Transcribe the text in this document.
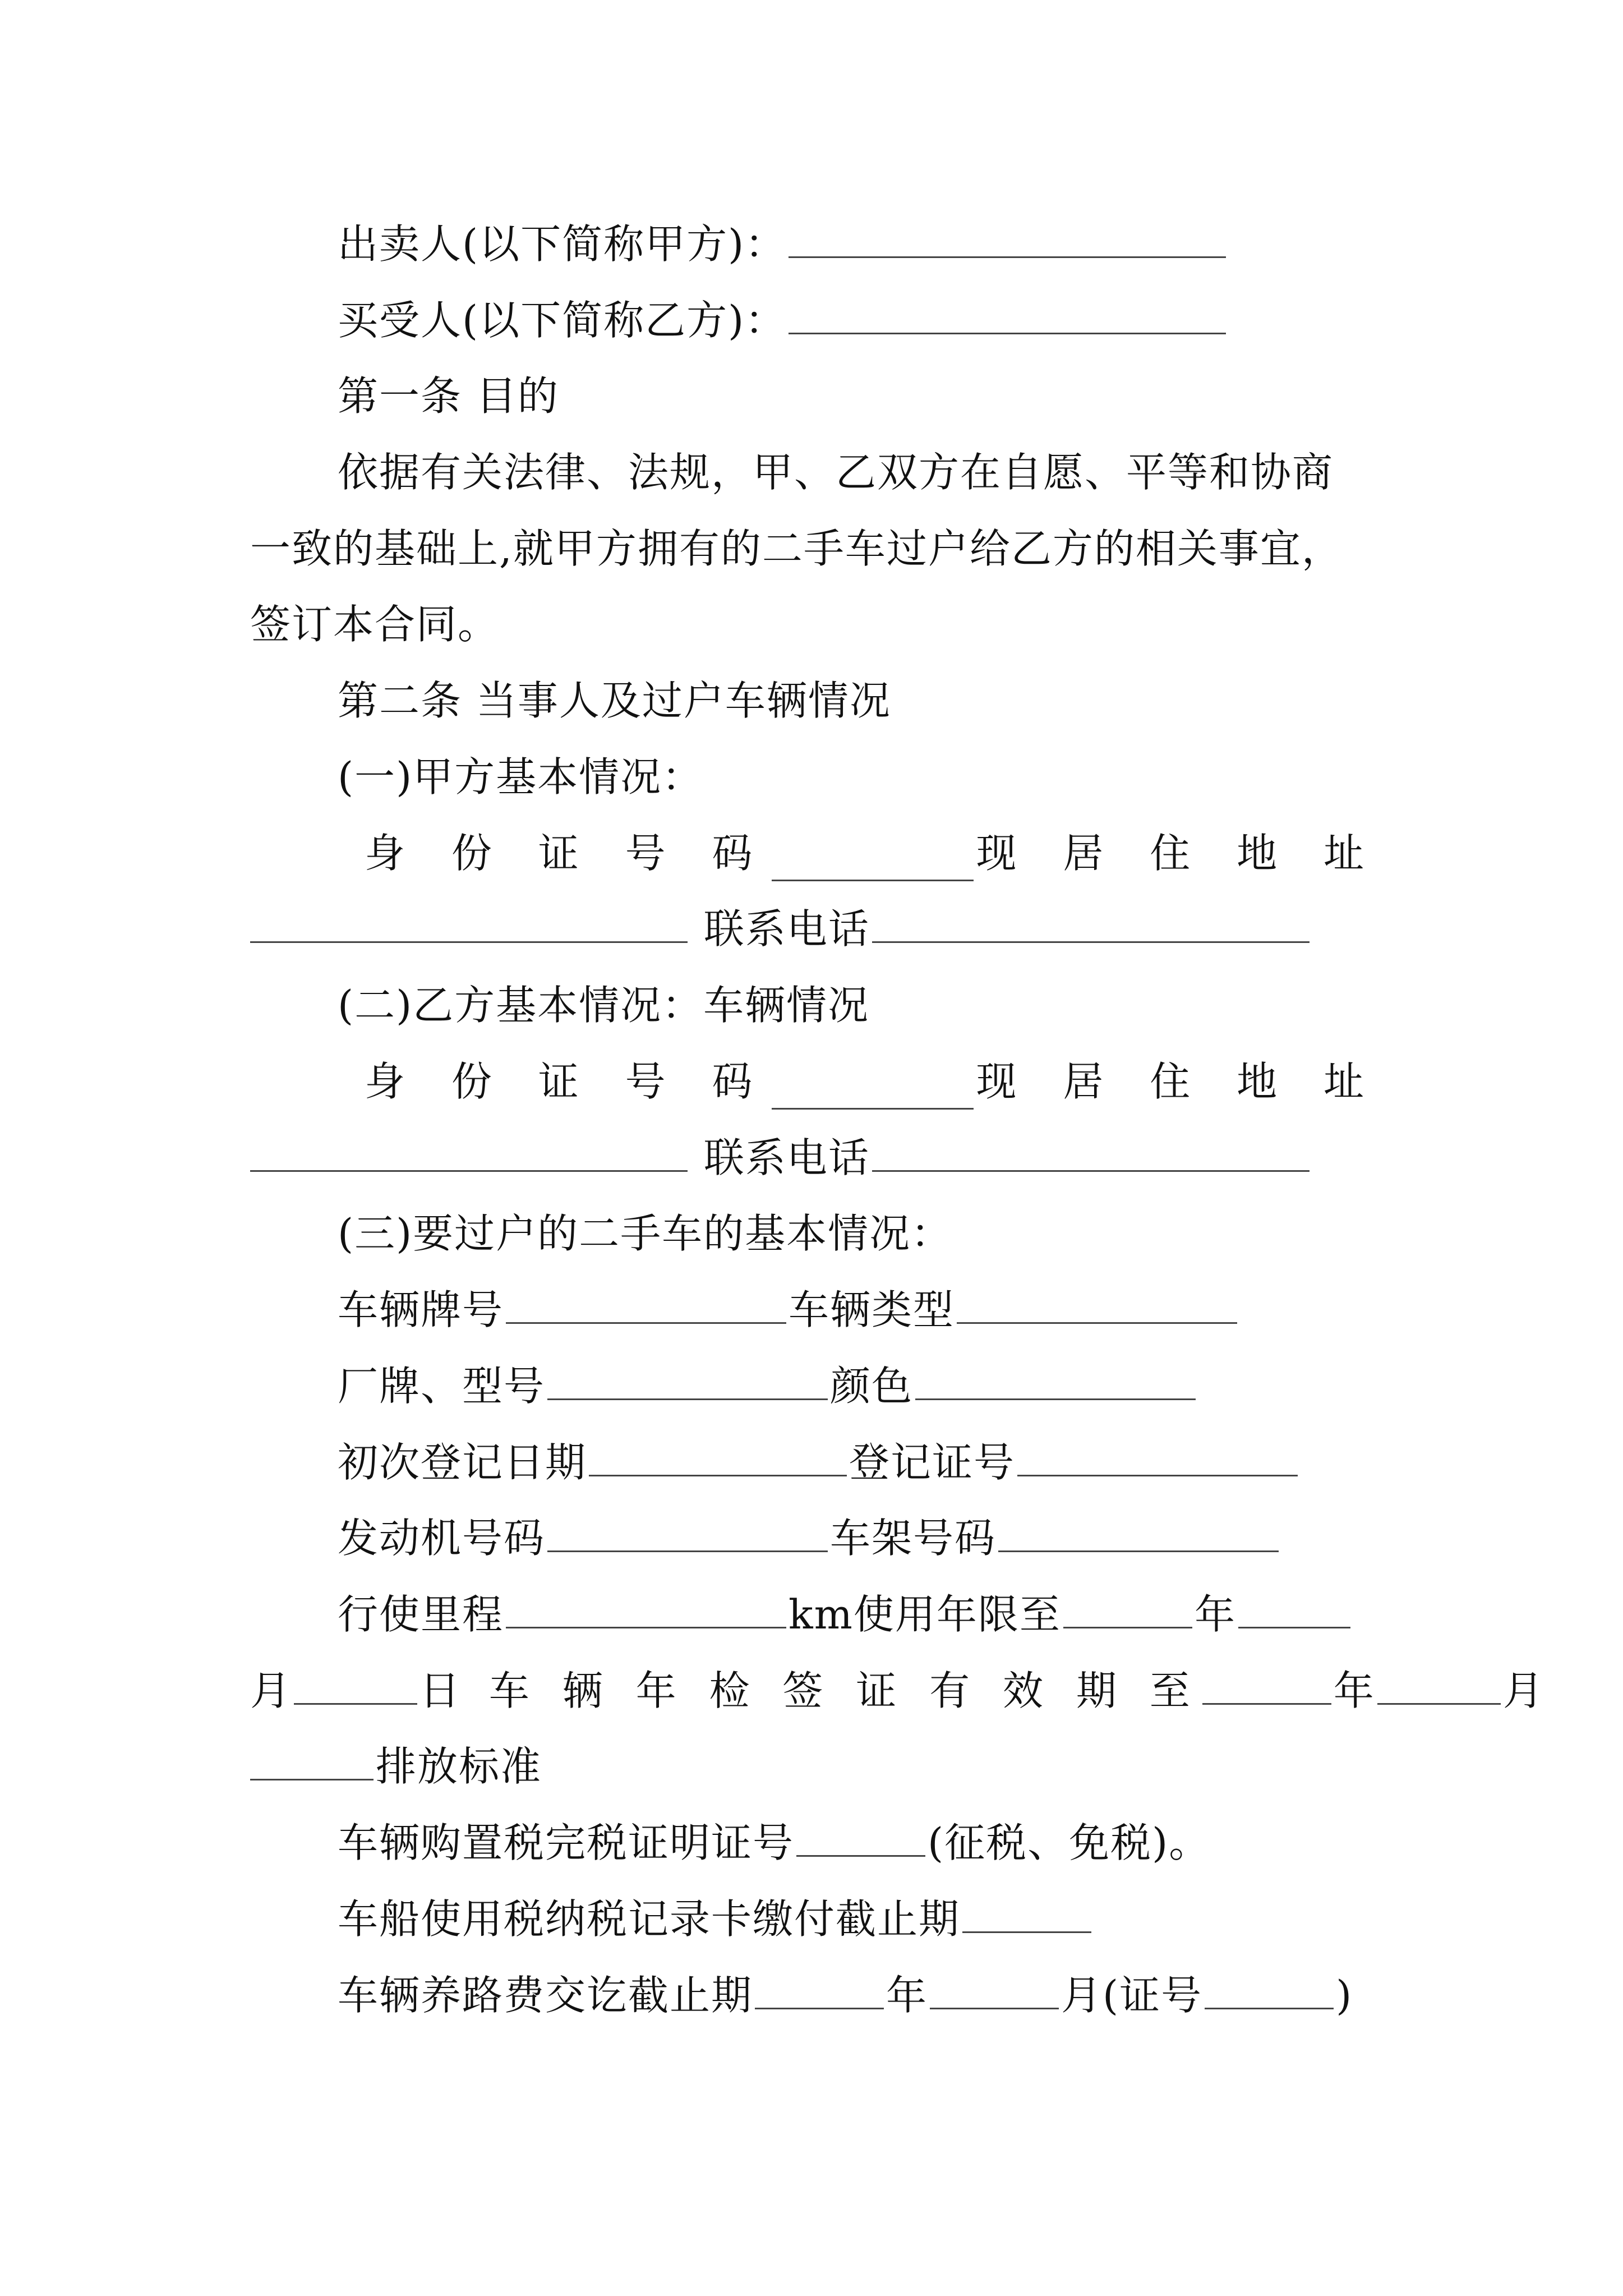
出卖人(以下简称甲方)：
买受人(以下简称乙方)：
第一条 目的
依据有关法律、法规，甲、乙双方在自愿、平等和协商
一致的基础上,就甲方拥有的二手车过户给乙方的相关事宜，
签订本合同。
第二条 当事人及过户车辆情况
(一)甲方基本情况：
身 份 证 号 码	现 居 住 地 址
联系电话
(二)乙方基本情况：车辆情况
身 份 证 号 码	现 居 住 地 址
联系电话
(三)要过户的二手车的基本情况：
车辆牌号	车辆类型
厂牌、型号	颜色
初次登记日期	登记证号
发动机号码	车架号码
行使里程	km使用年限至	年
月	日 车 辆 年 检 签 证 有 效 期 至	年	月
排放标准
车辆购置税完税证明证号	(征税、免税)。
车船使用税纳税记录卡缴付截止期
车辆养路费交讫截止期	年	月(证号	)
